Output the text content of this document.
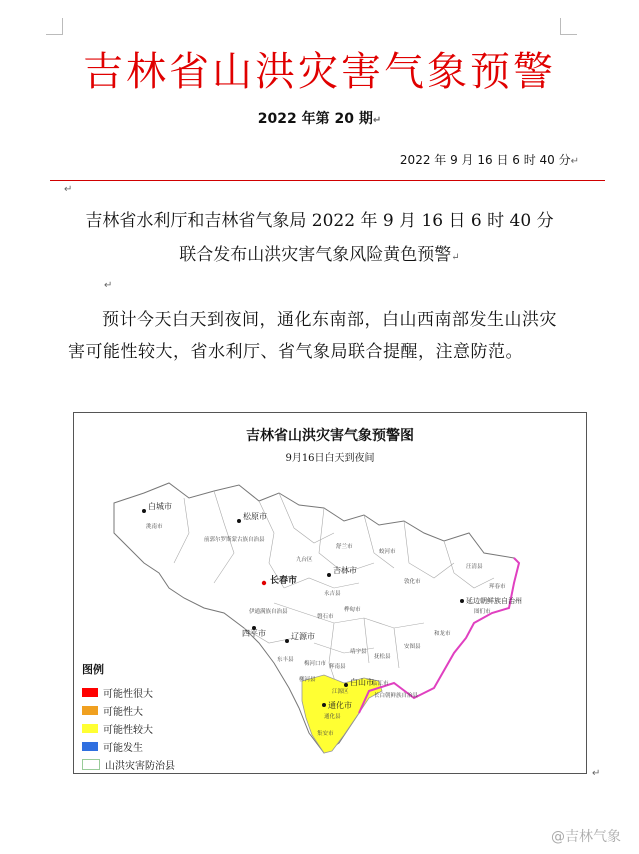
吉林省山洪灾害气象预警
2022 年第 20 期↵
2022 年 9 月 16 日 6 时 40 分↵
↵
吉林省水利厅和吉林省气象局 2022 年 9 月 16 日 6 时 40 分
联合发布山洪灾害气象风险黄色预警↵
↵
预计今天白天到夜间，通化东南部，白山西南部发生山洪灾害可能性较大，省水利厅、省气象局联合提醒，注意防范。
吉林省山洪灾害气象预警图
9月16日白天到夜间
白城市
松原市
长春市
吉林市
四平市	辽源市
通化市
白山市
延边朝鲜族自治州
洮南市
前郭尔罗斯蒙古族自治县
九台区
蛟河市
敦化市
汪清县
珲春市
图们市
和龙市
安图县
桦甸市
磐石市
东丰县
梅河口市
柳河县
辉南县
集安市
临江市
长白朝鲜族自治县
抚松县
靖宇县
江源区
通化县
永吉县
舒兰市
伊通满族自治县
图例
可能性很大
可能性大
可能性较大
可能发生
山洪灾害防治县
↵
@吉林气象
